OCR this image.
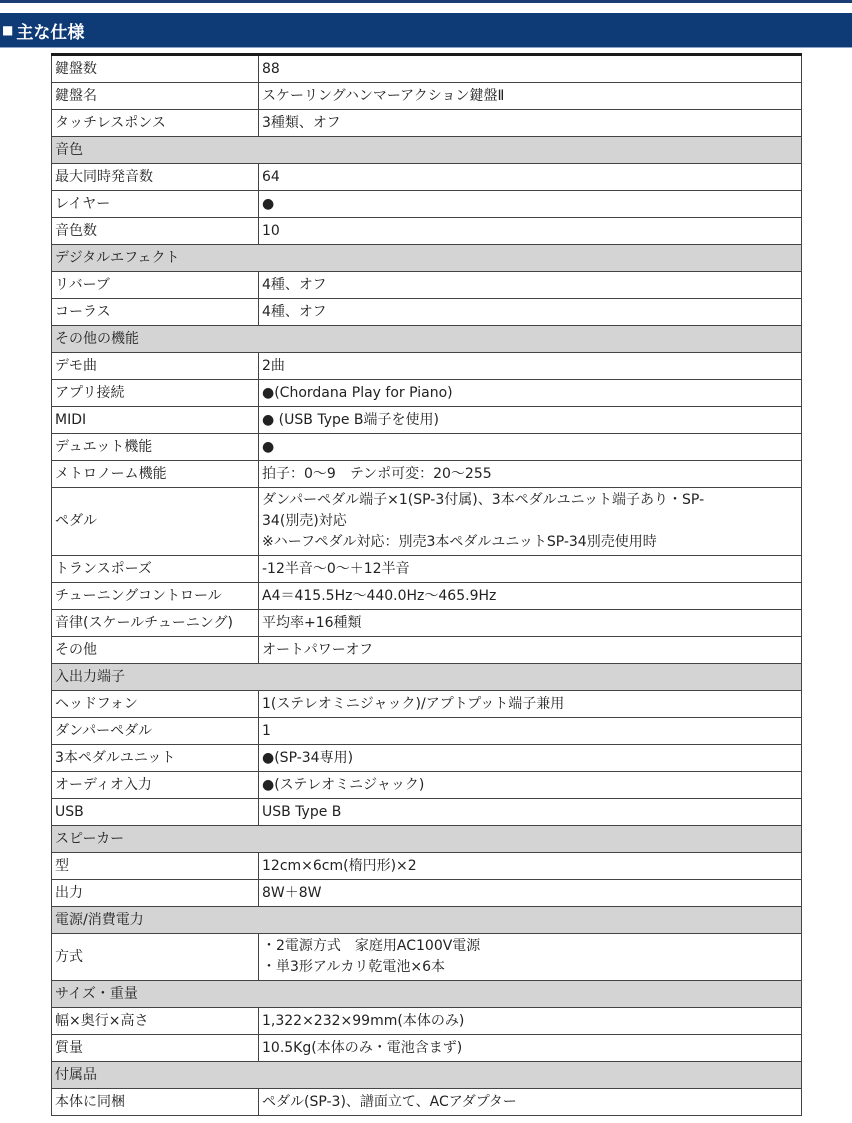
■ 主な仕様
鍵盤数	88
鍵盤名	スケーリングハンマーアクション鍵盤Ⅱ
タッチレスポンス	3種類、オフ
音色	
最大同時発音数	64
レイヤー	●
音色数	10
デジタルエフェクト	
リバーブ	4種、オフ
コーラス	4種、オフ
その他の機能	
デモ曲	2曲
アプリ接続	●(Chordana Play for Piano)
MIDI	● (USB Type B端子を使用)
デュエット機能	●
メトロノーム機能	拍子：0〜9　テンポ可変：20〜255
ペダル	ダンパーペダル端子×1(SP-3付属)、3本ペダルユニット端子あり・SP-
34(別売)対応
※ハーフペダル対応：別売3本ペダルユニットSP-34別売使用時

トランスポーズ	-12半音〜0〜＋12半音
チューニングコントロール	A4＝415.5Hz〜440.0Hz〜465.9Hz
音律(スケールチューニング)	平均率+16種類
その他	オートパワーオフ
入出力端子	
ヘッドフォン	1(ステレオミニジャック)/アプトプット端子兼用
ダンパーペダル	1
3本ペダルユニット	●(SP-34専用)
オーディオ入力	●(ステレオミニジャック)
USB	USB Type B
スピーカー	
型	12cm×6cm(楕円形)×2
出力	8W＋8W
電源/消費電力	
方式	・2電源方式　家庭用AC100V電源
・単3形アルカリ乾電池×6本

サイズ・重量	
幅×奥行×高さ	1,322×232×99mm(本体のみ)
質量	10.5Kg(本体のみ・電池含まず)
付属品	
本体に同梱	ペダル(SP-3)、譜面立て、ACアダプター
